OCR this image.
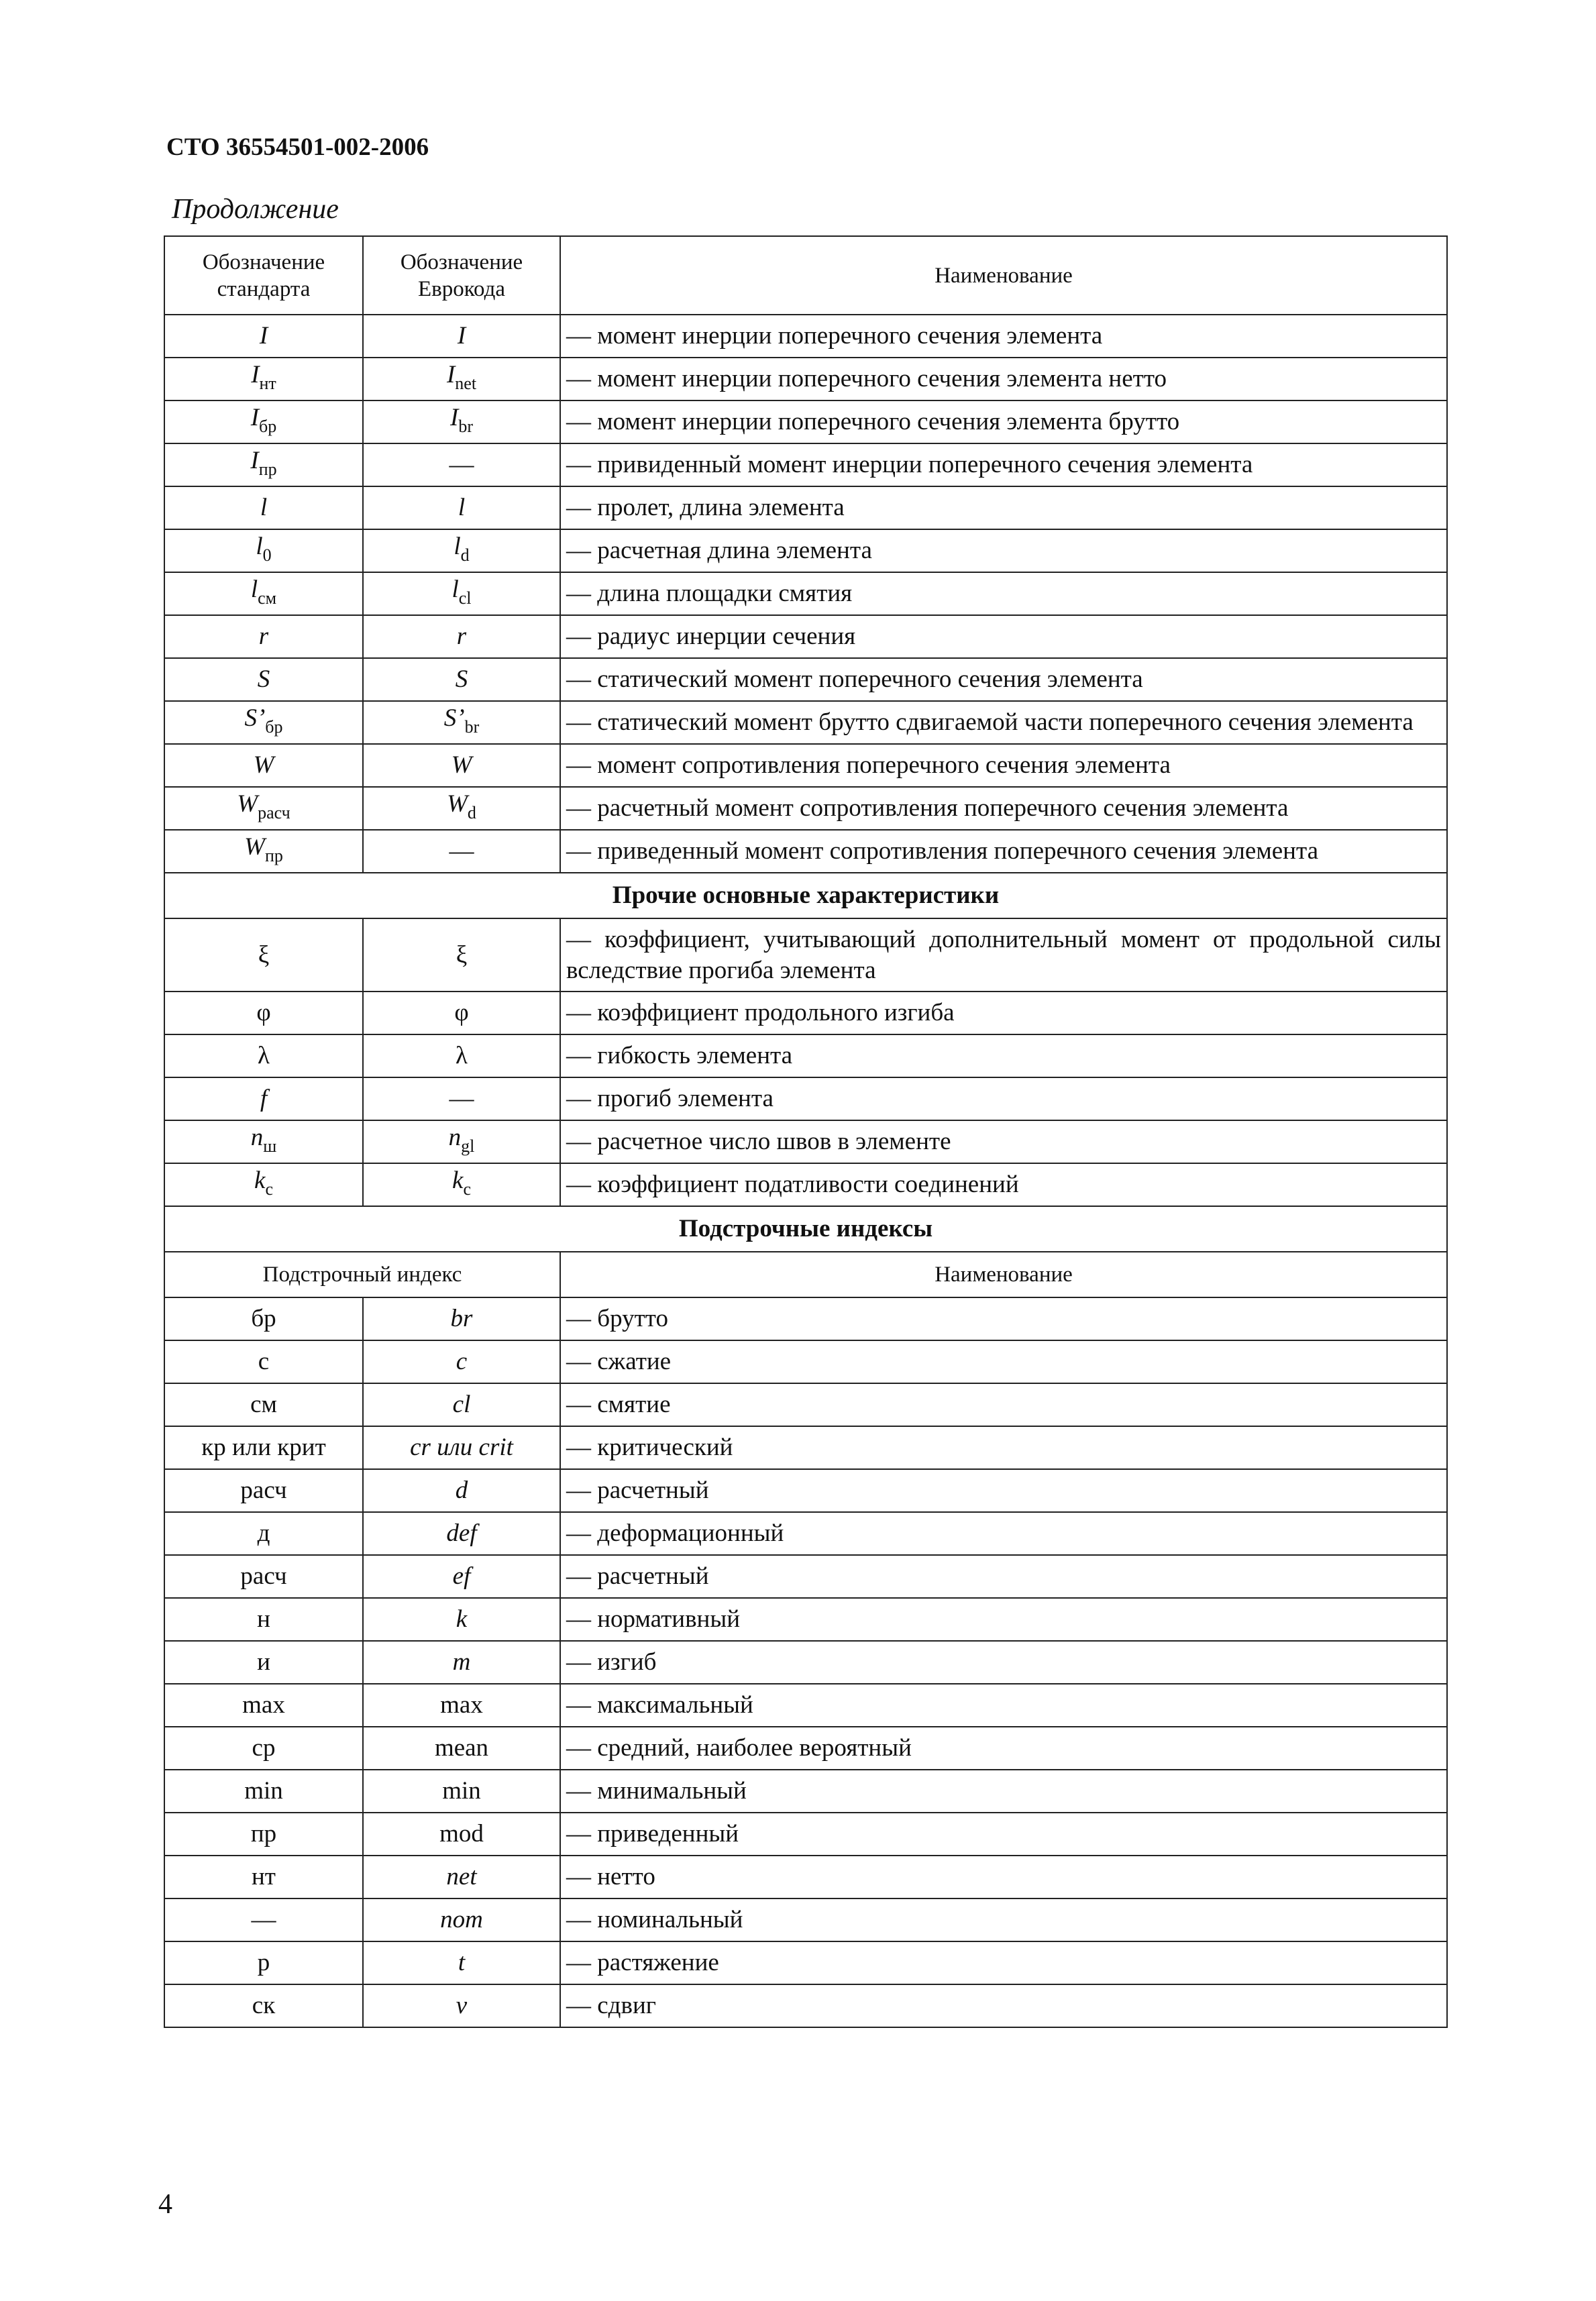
СТО 36554501-002-2006
Продолжение
Обозначение стандарта	Обозначение Еврокода	Наименование
I	I	— момент инерции поперечного сечения элемента

$I_{нт}$	$I_{net}$	— момент инерции поперечного сечения элемента нетто

$I_{бр}$	$I_{br}$	— момент инерции поперечного сечения элемента брутто

$I_{пр}$	—	— привиденный момент инерции поперечного сечения элемента

l	l	— пролет, длина элемента

$l_0$	$l_d$	— расчетная длина элемента

$l_{см}$	$l_{cl}$	— длина площадки смятия

r	r	— радиус инерции сечения

S	S	— статический момент поперечного сечения элемента

$S’_{бр}$	$S’_{br}$	— статический момент брутто сдвигаемой части поперечного сечения элемента

W	W	— момент сопротивления поперечного сечения элемента

$W_{расч}$	$W_d$	— расчетный момент сопротивления поперечного сечения элемента

$W_{пр}$	—	— приведенный момент сопротивления поперечного сечения элемента

Прочие основные характеристики		
ξ	ξ	— коэффициент, учитывающий дополнительный момент от продольной силы вследствие прогиба элемента

φ	φ	— коэффициент продольного изгиба

λ	λ	— гибкость элемента

f	—	— прогиб элемента

$n_ш$	$n_{gl}$	— расчетное число швов в элементе

$k_c$	$k_c$	— коэффициент податливости соединений

Подстрочные индексы		
Подстрочный индекс		Наименование
бр	br	— брутто

с	c	— сжатие

см	cl	— смятие

кр или крит	cr или crit	— критический

расч	d	— расчетный

д	def	— деформационный

расч	ef	— расчетный

н	k	— нормативный

и	m	— изгиб

max	max	— максимальный

ср	mean	— средний, наиболее вероятный

min	min	— минимальный

пр	mod	— приведенный

нт	net	— нетто

—	nom	— номинальный

р	t	— растяжение

ск	v	— сдвиг
4
